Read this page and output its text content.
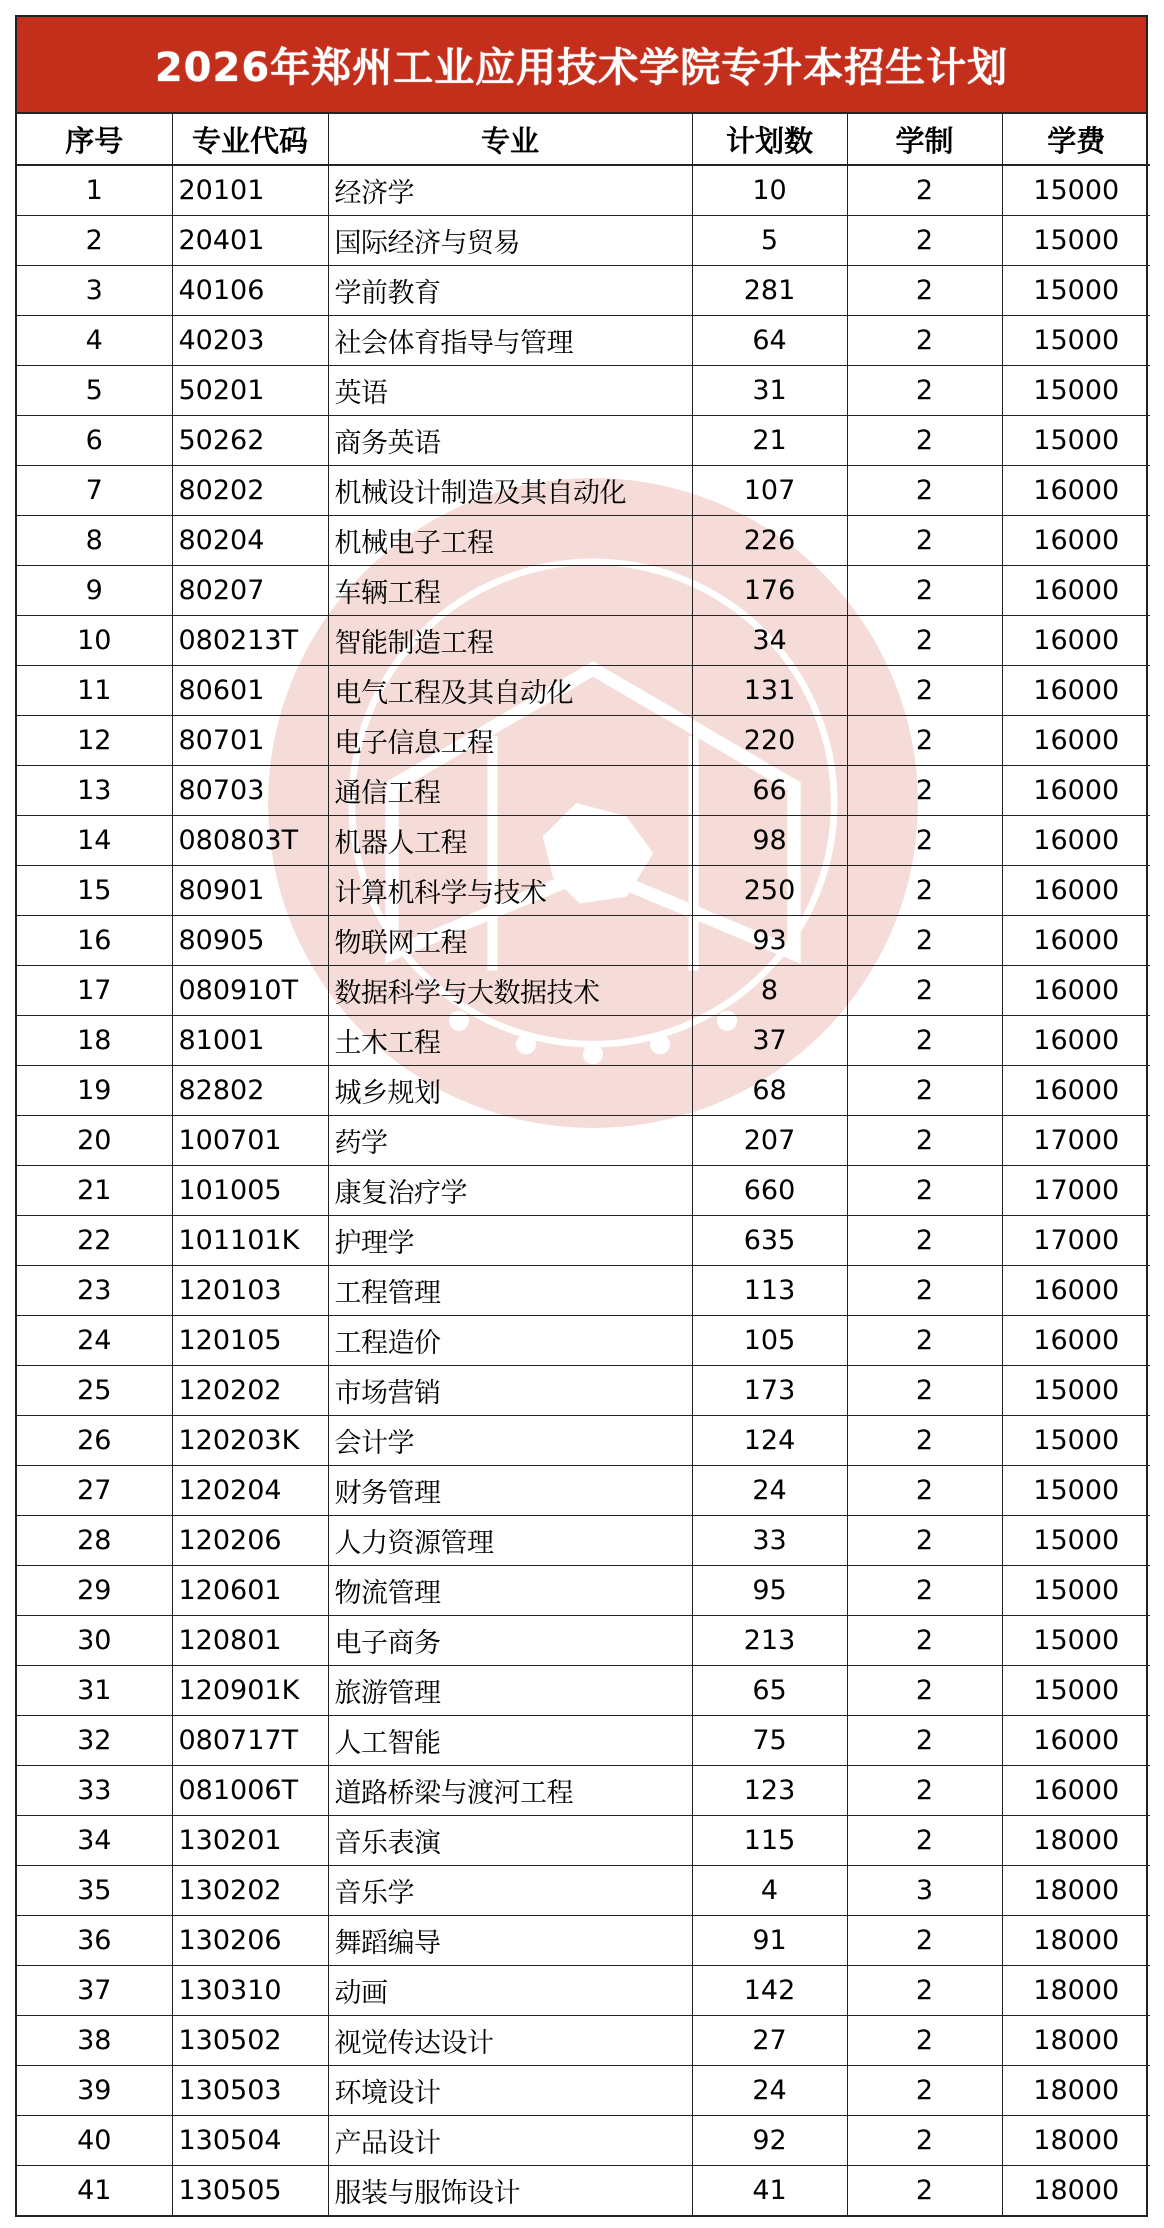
2026年郑州工业应用技术学院专升本招生计划
序号	专业代码	专业	计划数	学制	学费
1	20101	经济学	10	2	15000
2	20401	国际经济与贸易	5	2	15000
3	40106	学前教育	281	2	15000
4	40203	社会体育指导与管理	64	2	15000
5	50201	英语	31	2	15000
6	50262	商务英语	21	2	15000
7	80202	机械设计制造及其自动化	107	2	16000
8	80204	机械电子工程	226	2	16000
9	80207	车辆工程	176	2	16000
10	080213T	智能制造工程	34	2	16000
11	80601	电气工程及其自动化	131	2	16000
12	80701	电子信息工程	220	2	16000
13	80703	通信工程	66	2	16000
14	080803T	机器人工程	98	2	16000
15	80901	计算机科学与技术	250	2	16000
16	80905	物联网工程	93	2	16000
17	080910T	数据科学与大数据技术	8	2	16000
18	81001	土木工程	37	2	16000
19	82802	城乡规划	68	2	16000
20	100701	药学	207	2	17000
21	101005	康复治疗学	660	2	17000
22	101101K	护理学	635	2	17000
23	120103	工程管理	113	2	16000
24	120105	工程造价	105	2	16000
25	120202	市场营销	173	2	15000
26	120203K	会计学	124	2	15000
27	120204	财务管理	24	2	15000
28	120206	人力资源管理	33	2	15000
29	120601	物流管理	95	2	15000
30	120801	电子商务	213	2	15000
31	120901K	旅游管理	65	2	15000
32	080717T	人工智能	75	2	16000
33	081006T	道路桥梁与渡河工程	123	2	16000
34	130201	音乐表演	115	2	18000
35	130202	音乐学	4	3	18000
36	130206	舞蹈编导	91	2	18000
37	130310	动画	142	2	18000
38	130502	视觉传达设计	27	2	18000
39	130503	环境设计	24	2	18000
40	130504	产品设计	92	2	18000
41	130505	服装与服饰设计	41	2	18000
